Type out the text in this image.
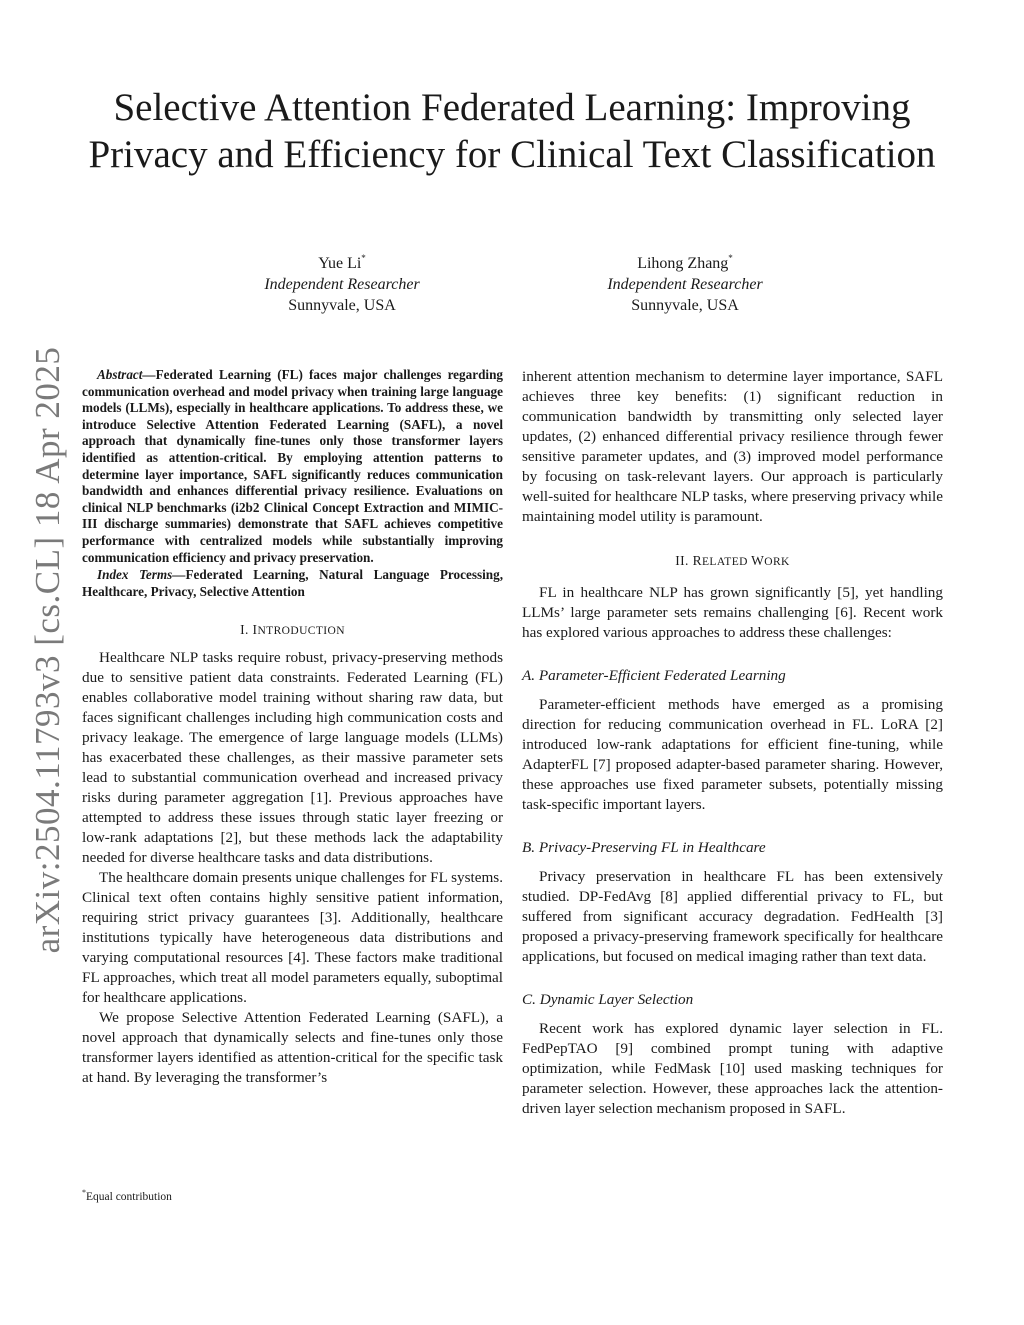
arXiv:2504.11793v3 [cs.CL] 18 Apr 2025
Selective Attention Federated Learning: Improving Privacy and Efficiency for Clinical Text Classification
Yue Li*
Independent Researcher
Sunnyvale, USA
Lihong Zhang*
Independent Researcher
Sunnyvale, USA

Abstract—Federated Learning (FL) faces major challenges regarding communication overhead and model privacy when training large language models (LLMs), especially in healthcare applications. To address these, we introduce Selective Attention Federated Learning (SAFL), a novel approach that dynamically fine-tunes only those transformer layers identified as attention-critical. By employing attention patterns to determine layer importance, SAFL significantly reduces communication bandwidth and enhances differential privacy resilience. Evaluations on clinical NLP benchmarks (i2b2 Clinical Concept Extraction and MIMIC-III discharge summaries) demonstrate that SAFL achieves competitive performance with centralized models while substantially improving communication efficiency and privacy preservation.

Index Terms—Federated Learning, Natural Language Processing, Healthcare, Privacy, Selective Attention

I. INTRODUCTION

Healthcare NLP tasks require robust, privacy-preserving methods due to sensitive patient data constraints. Federated Learning (FL) enables collaborative model training without sharing raw data, but faces significant challenges including high communication costs and privacy leakage. The emergence of large language models (LLMs) has exacerbated these challenges, as their massive parameter sets lead to substantial communication overhead and increased privacy risks during parameter aggregation [1]. Previous approaches have attempted to address these issues through static layer freezing or low-rank adaptations [2], but these methods lack the adaptability needed for diverse healthcare tasks and data distributions.

The healthcare domain presents unique challenges for FL systems. Clinical text often contains highly sensitive patient information, requiring strict privacy guarantees [3]. Additionally, healthcare institutions typically have heterogeneous data distributions and varying computational resources [4]. These factors make traditional FL approaches, which treat all model parameters equally, suboptimal for healthcare applications.

We propose Selective Attention Federated Learning (SAFL), a novel approach that dynamically selects and fine-tunes only those transformer layers identified as attention-critical for the specific task at hand. By leveraging the transformer’s

*Equal contribution

inherent attention mechanism to determine layer importance, SAFL achieves three key benefits: (1) significant reduction in communication bandwidth by transmitting only selected layer updates, (2) enhanced differential privacy resilience through fewer sensitive parameter updates, and (3) improved model performance by focusing on task-relevant layers. Our approach is particularly well-suited for healthcare NLP tasks, where preserving privacy while maintaining model utility is paramount.

II. RELATED WORK

FL in healthcare NLP has grown significantly [5], yet handling LLMs’ large parameter sets remains challenging [6]. Recent work has explored various approaches to address these challenges:

A. Parameter-Efficient Federated Learning

Parameter-efficient methods have emerged as a promising direction for reducing communication overhead in FL. LoRA [2] introduced low-rank adaptations for efficient fine-tuning, while AdapterFL [7] proposed adapter-based parameter sharing. However, these approaches use fixed parameter subsets, potentially missing task-specific important layers.

B. Privacy-Preserving FL in Healthcare

Privacy preservation in healthcare FL has been extensively studied. DP-FedAvg [8] applied differential privacy to FL, but suffered from significant accuracy degradation. FedHealth [3] proposed a privacy-preserving framework specifically for healthcare applications, but focused on medical imaging rather than text data.

C. Dynamic Layer Selection

Recent work has explored dynamic layer selection in FL. FedPepTAO [9] combined prompt tuning with adaptive optimization, while FedMask [10] used masking techniques for parameter selection. However, these approaches lack the attention-driven layer selection mechanism proposed in SAFL.
